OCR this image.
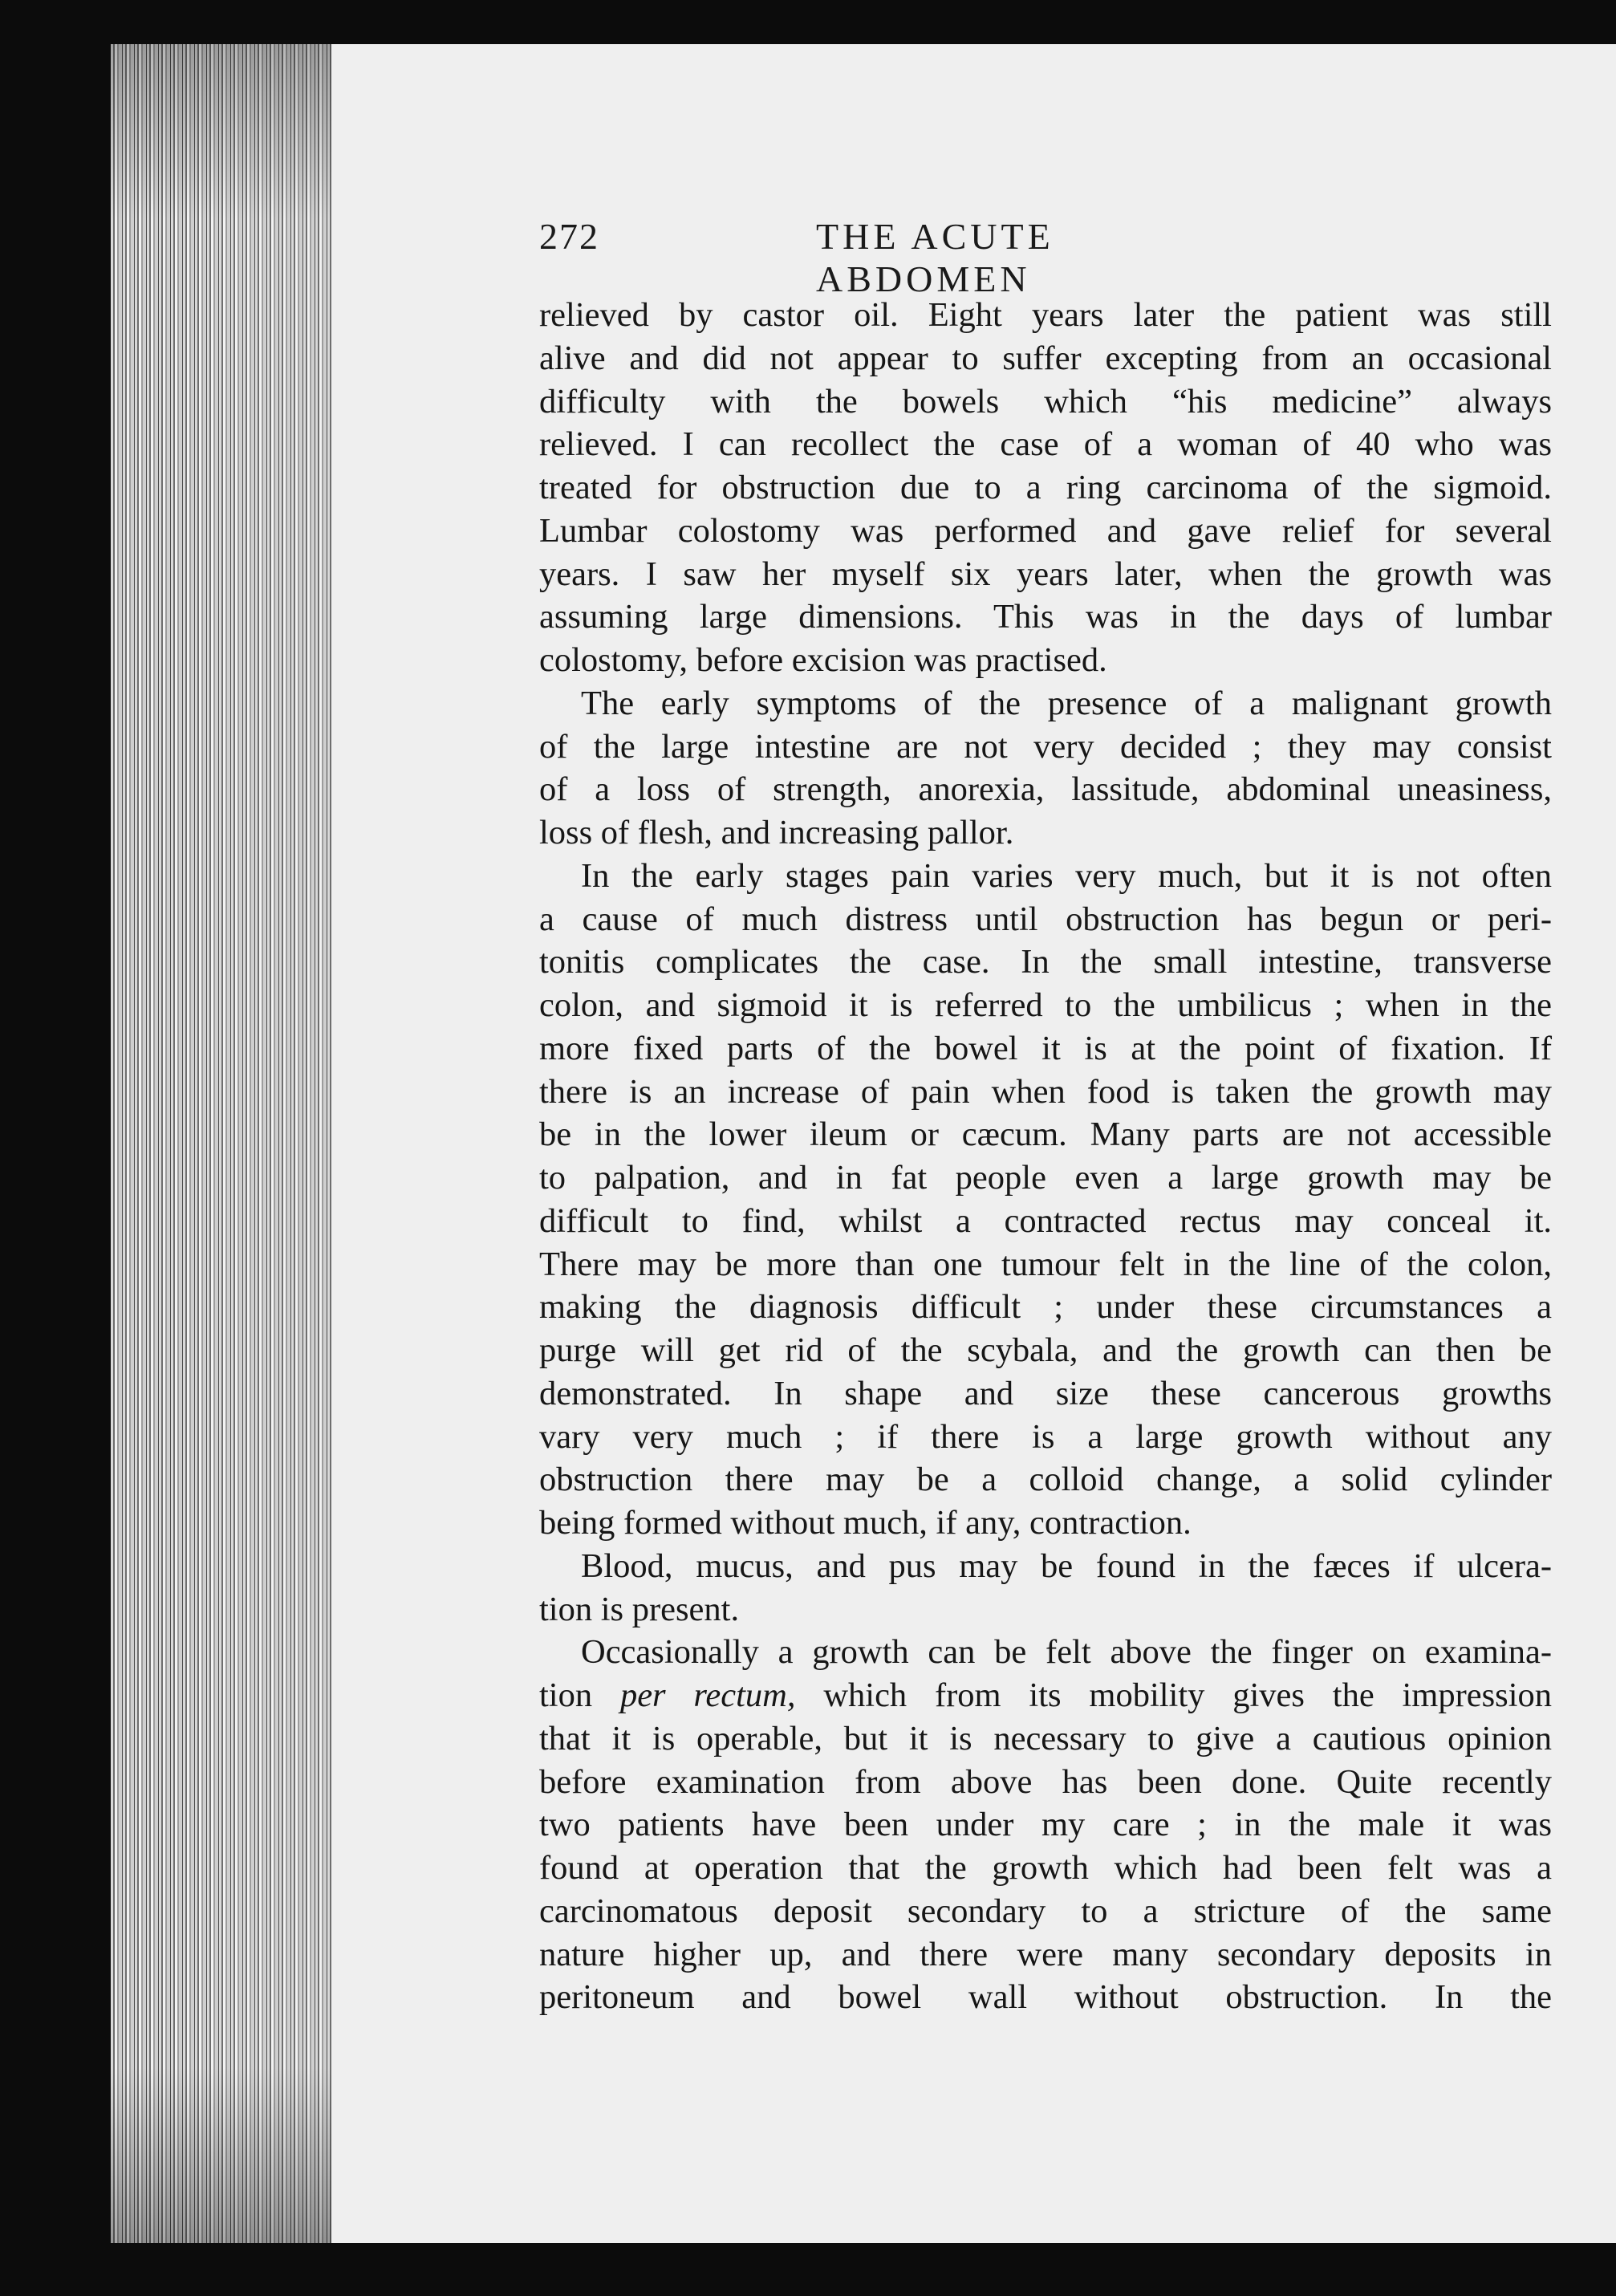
272	THE ACUTE ABDOMEN
relieved by castor oil. Eight years later the patient was still
alive and did not appear to suffer excepting from an occasional
difficulty with the bowels which “his medicine” always
relieved. I can recollect the case of a woman of 40 who was
treated for obstruction due to a ring carcinoma of the sigmoid.
Lumbar colostomy was performed and gave relief for several
years. I saw her myself six years later, when the growth was
assuming large dimensions. This was in the days of lumbar
colostomy, before excision was practised.
The early symptoms of the presence of a malignant growth
of the large intestine are not very decided ; they may consist
of a loss of strength, anorexia, lassitude, abdominal uneasiness,
loss of flesh, and increasing pallor.
In the early stages pain varies very much, but it is not often
a cause of much distress until obstruction has begun or peri-
tonitis complicates the case. In the small intestine, transverse
colon, and sigmoid it is referred to the umbilicus ; when in the
more fixed parts of the bowel it is at the point of fixation. If
there is an increase of pain when food is taken the growth may
be in the lower ileum or cæcum. Many parts are not accessible
to palpation, and in fat people even a large growth may be
difficult to find, whilst a contracted rectus may conceal it.
There may be more than one tumour felt in the line of the colon,
making the diagnosis difficult ; under these circumstances a
purge will get rid of the scybala, and the growth can then be
demonstrated. In shape and size these cancerous growths
vary very much ; if there is a large growth without any
obstruction there may be a colloid change, a solid cylinder
being formed without much, if any, contraction.
Blood, mucus, and pus may be found in the fæces if ulcera-
tion is present.
Occasionally a growth can be felt above the finger on examina-
tion per rectum, which from its mobility gives the impression
that it is operable, but it is necessary to give a cautious opinion
before examination from above has been done. Quite recently
two patients have been under my care ; in the male it was
found at operation that the growth which had been felt was a
carcinomatous deposit secondary to a stricture of the same
nature higher up, and there were many secondary deposits in
peritoneum and bowel wall without obstruction. In the
